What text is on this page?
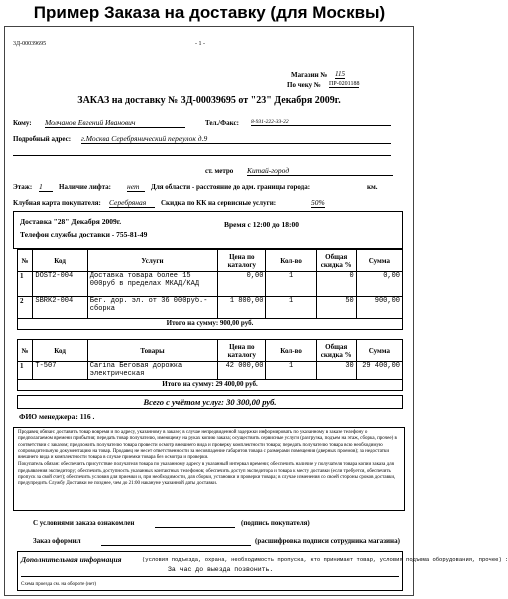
Пример Заказа на доставку (для Москвы)
3Д-00039695	- 1 -
Магазин № 115
По чеку № ПР-0201188
ЗАКАЗ на доставку № 3Д-00039695 от "23" Декабря 2009г.
Кому: Молчанов Евгений Иванович	Тел./Факс: 8-931-222-33-22
Подробный адрес: г.Москва Серебрянический переулок д.9
ст. метро Китай-город
Этаж: 1	Наличие лифта: нет	Для области - расстояние до адм. границы города:	км.
Клубная карта покупателя: Серебряная	Скидка по КК на сервисные услуги:	50%
Доставка "28" Декабря 2009г.	Время с 12:00 до 18:00
Телефон службы доставки - 755-81-49
№	Код	Услуги	Цена по каталогу	Кол-во	Общая скидка %	Сумма
1	DOST2-004	Доставка товара более 15 000руб в пределах МКАД/КАД	0,00	1	0	0,00
2	SBRK2-004	Бег. дор. эл. от 36 000руб.- сборка	1 800,00	1	50	900,00
Итого на сумму: 900,00 руб.						
№	Код	Товары	Цена по каталогу	Кол-во	Общая скидка %	Сумма
1	T-507	Carina Беговая дорожка электрическая	42 000,00	1	30	29 400,00
Итого на сумму: 29 400,00 руб.						
Всего с учётом услуг: 30 300,00 руб.
ФИО менеджера: 116 .

Продавец обязан: доставить товар вовремя и по адресу, указанному в заказе; в случае непредвиденной задержки информировать по указанному в заказе телефону о предполагаемом времени прибытия; передать товар получателю, имеющему на руках копию заказа; осуществить сервисные услуги (разгрузка, подъем на этаж, сборка, прочее) в соответствии с заказом; предложить получателю товара провести осмотр внешнего вида и проверку комплектности товара; передать получателю товара всю необходимую сопроводительную документацию на товар. Продавец не несет ответственности за несовпадение габаритов товара с размерами помещения (дверных проемов); за недостатки внешнего вида и комплектности товара в случае приемки товара без осмотра и проверки.

Покупатель обязан: обеспечить присутствие получателя товара по указанному адресу в указанный интервал времени; обеспечить наличие у получателя товара копии заказа для предъявления экспедитору; обеспечить доступность указанных контактных телефонов; обеспечить доступ экспедитора и товара к месту доставки (если требуется, обеспечить пропуск за свой счет); обеспечить условия для приемки и, при необходимости, для сборки, установки и проверки товара; в случае изменения со своей стороны сроков доставки, предупредить Службу Доставки не позднее, чем до 21:00 накануне указанной даты доставки.

С условиями заказа ознакомлен	(подпись покупателя)
Заказ оформил	(расшифровка подписи сотрудника магазина)
Дополнительная информация	(условия подъезда, охрана, необходимость пропуска, кто принимает товар, условия подъема оборудования, прочее) :
За час до выезда позвонить.
Схема проезда см. на обороте (нет)
